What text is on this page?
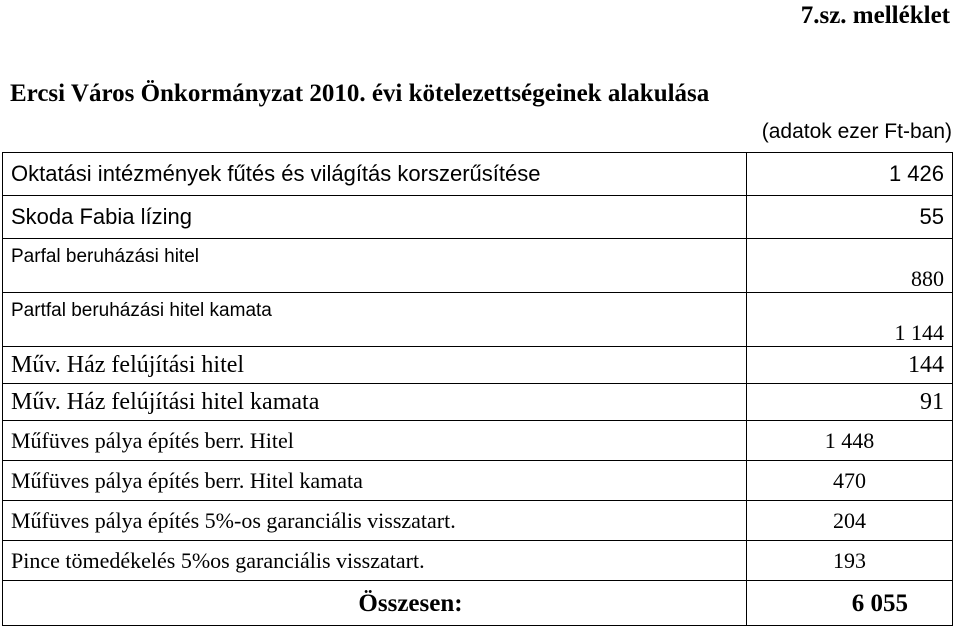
7.sz. melléklet
Ercsi Város Önkormányzat 2010. évi kötelezettségeinek alakulása
(adatok ezer Ft-ban)
Oktatási intézmények fűtés és világítás korszerűsítése	1 426
Skoda Fabia lízing	55
Parfal beruházási hitel	880
Partfal beruházási hitel kamata	1 144
Műv. Ház felújítási hitel	144
Műv. Ház felújítási hitel kamata	91
Műfüves pálya építés berr. Hitel	1 448
Műfüves pálya építés berr. Hitel kamata	470
Műfüves pálya építés 5%-os garanciális visszatart.	204
Pince tömedékelés 5%os garanciális visszatart.	193
Összesen:	6 055
